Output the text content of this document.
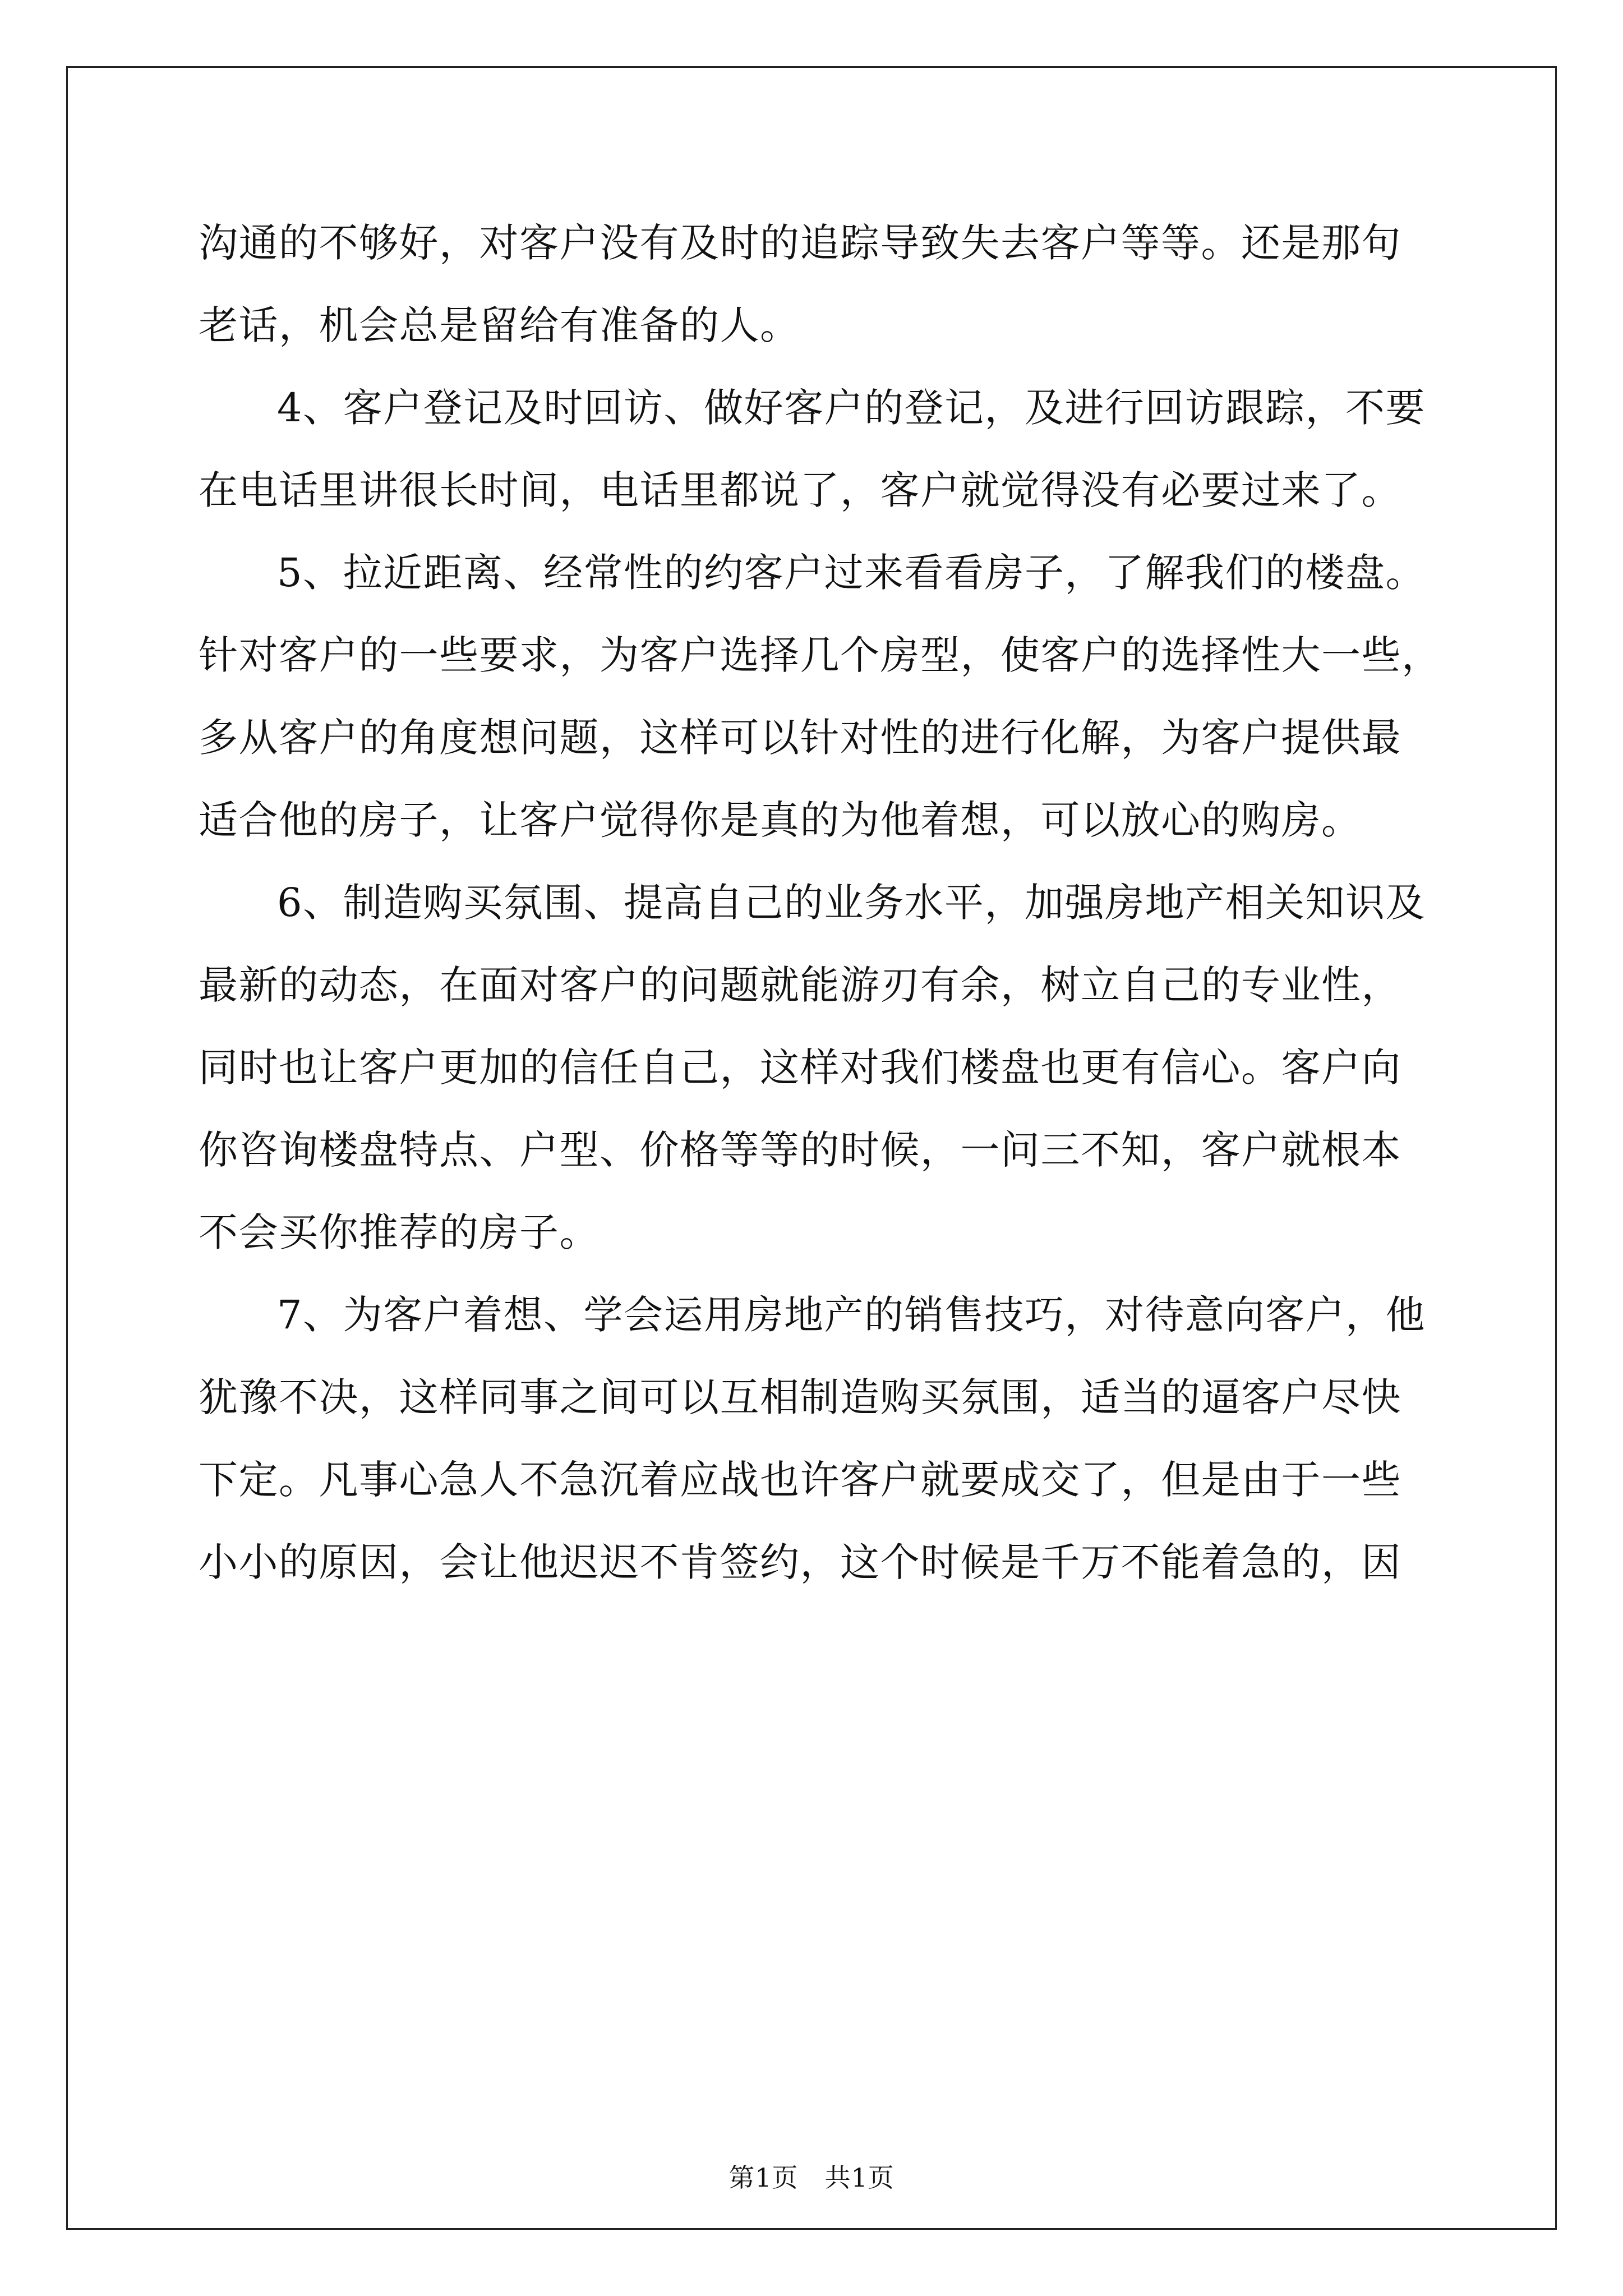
沟通的不够好，对客户没有及时的追踪导致失去客户等等。还是那句
老话，机会总是留给有准备的人。
4、客户登记及时回访、做好客户的登记，及进行回访跟踪，不要
在电话里讲很长时间，电话里都说了，客户就觉得没有必要过来了。
5、拉近距离、经常性的约客户过来看看房子，了解我们的楼盘。
针对客户的一些要求，为客户选择几个房型，使客户的选择性大一些，
多从客户的角度想问题，这样可以针对性的进行化解，为客户提供最
适合他的房子，让客户觉得你是真的为他着想，可以放心的购房。
6、制造购买氛围、提高自己的业务水平，加强房地产相关知识及
最新的动态，在面对客户的问题就能游刃有余，树立自己的专业性，
同时也让客户更加的信任自己，这样对我们楼盘也更有信心。客户向
你咨询楼盘特点、户型、价格等等的时候，一问三不知，客户就根本
不会买你推荐的房子。
7、为客户着想、学会运用房地产的销售技巧，对待意向客户，他
犹豫不决，这样同事之间可以互相制造购买氛围，适当的逼客户尽快
下定。凡事心急人不急沉着应战也许客户就要成交了，但是由于一些
小小的原因，会让他迟迟不肯签约，这个时候是千万不能着急的，因
第1页　共1页
